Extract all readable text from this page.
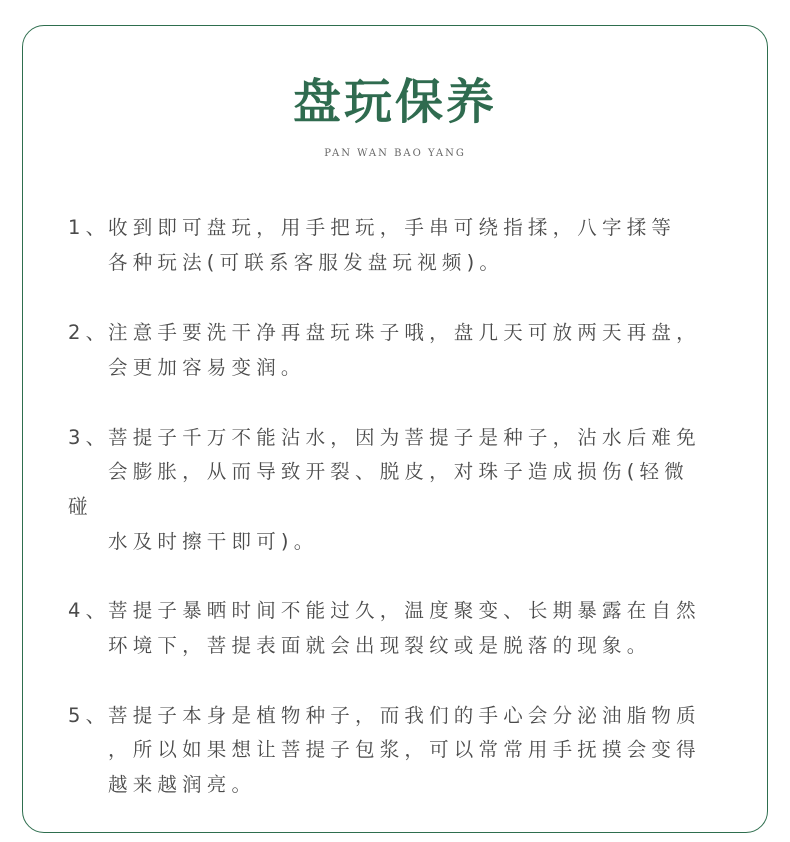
盘玩保养
PAN WAN BAO YANG
1、收到即可盘玩，用手把玩，手串可绕指揉，八字揉等
各种玩法(可联系客服发盘玩视频)。
2、注意手要洗干净再盘玩珠子哦，盘几天可放两天再盘，
会更加容易变润。
3、菩提子千万不能沾水，因为菩提子是种子，沾水后难免
会膨胀，从而导致开裂、脱皮，对珠子造成损伤(轻微
碰
水及时擦干即可)。
4、菩提子暴晒时间不能过久，温度聚变、长期暴露在自然
环境下，菩提表面就会出现裂纹或是脱落的现象。
5、菩提子本身是植物种子，而我们的手心会分泌油脂物质
，所以如果想让菩提子包浆，可以常常用手抚摸会变得
越来越润亮。
